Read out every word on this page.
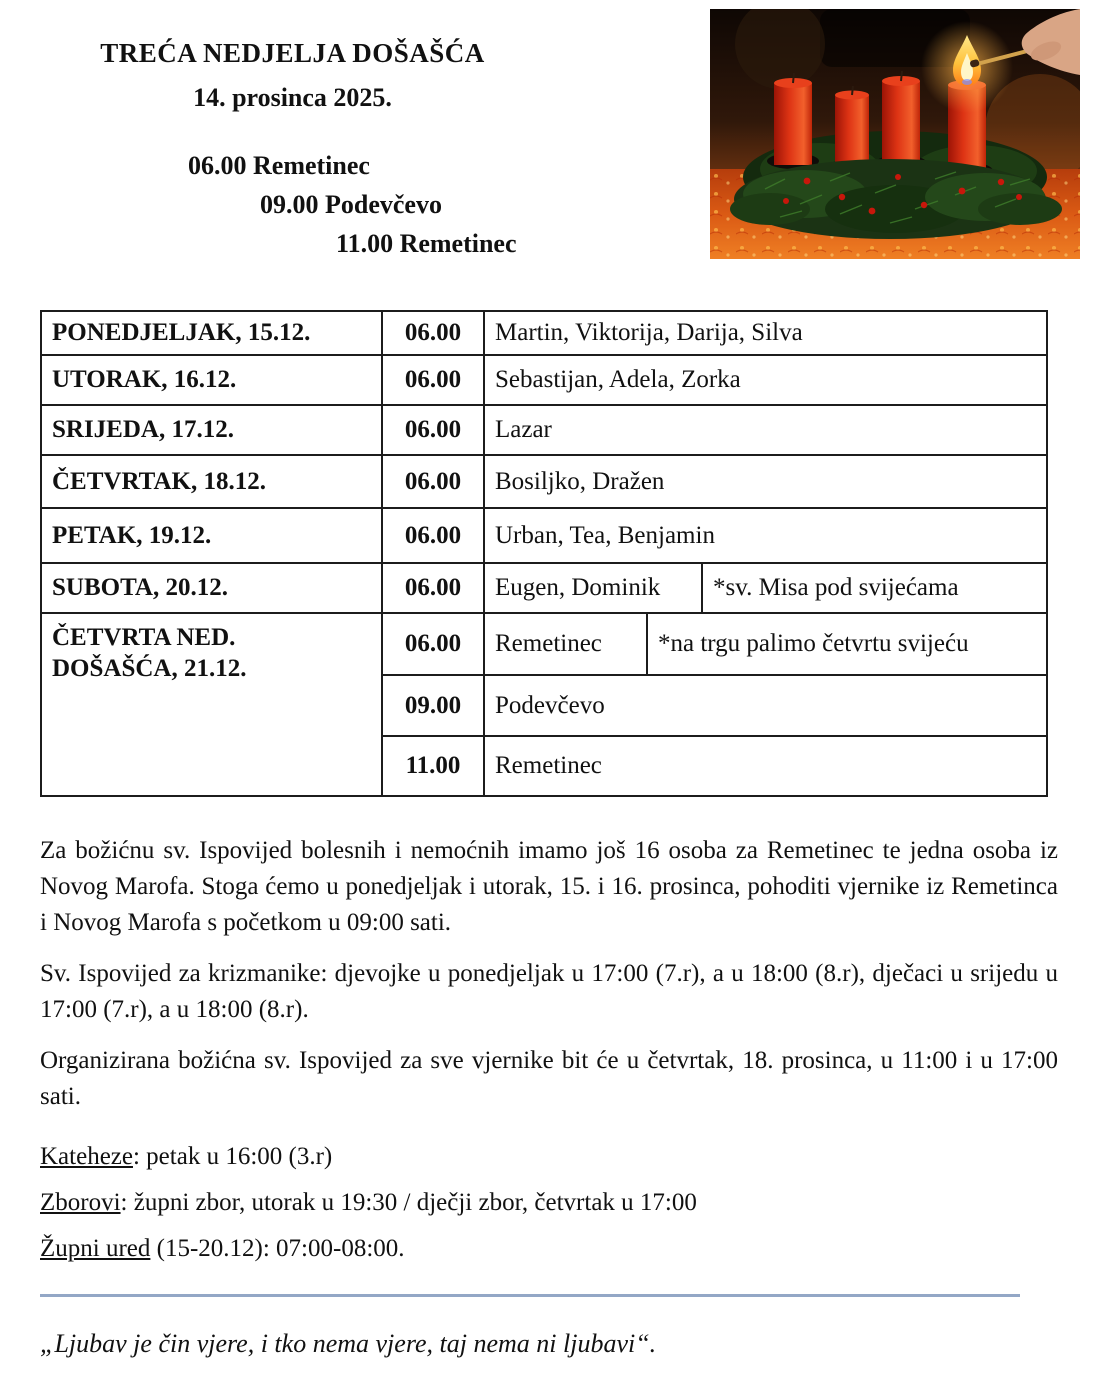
TREĆA NEDJELJA DOŠAŠĆA
14. prosinca 2025.
06.00 Remetinec
09.00 Podevčevo
11.00 Remetinec
PONEDJELJAK, 15.12.	06.00	Martin, Viktorija, Darija, Silva		
UTORAK, 16.12.	06.00	Sebastijan, Adela, Zorka		
SRIJEDA, 17.12.	06.00	Lazar		
ČETVRTAK, 18.12.	06.00	Bosiljko, Dražen		
PETAK, 19.12.	06.00	Urban, Tea, Benjamin		
SUBOTA, 20.12.	06.00	Eugen, Dominik		*sv. Misa pod svijećama

ČETVRTA NED.
DOŠAŠĆA, 21.12.	06.00	Remetinec	*na trgu palimo četvrtu svijeću	
	09.00	Podevčevo		
	11.00	Remetinec		

Za božićnu sv. Ispovijed bolesnih i nemoćnih imamo još 16 osoba za Remetinec te jedna osoba iz Novog Marofa. Stoga ćemo u ponedjeljak i utorak, 15. i 16. prosinca, pohoditi vjernike iz Remetinca i Novog Marofa s početkom u 09:00 sati.

Sv. Ispovijed za krizmanike: djevojke u ponedjeljak u 17:00 (7.r), a u 18:00 (8.r), dječaci u srijedu u 17:00 (7.r), a u 18:00 (8.r).

Organizirana božićna sv. Ispovijed za sve vjernike bit će u četvrtak, 18. prosinca, u 11:00 i u 17:00 sati.

Kateheze: petak u 16:00 (3.r)

Zborovi: župni zbor, utorak u 19:30 / dječji zbor, četvrtak u 17:00

Župni ured (15-20.12): 07:00-08:00.

„Ljubav je čin vjere, i tko nema vjere, taj nema ni ljubavi“.
